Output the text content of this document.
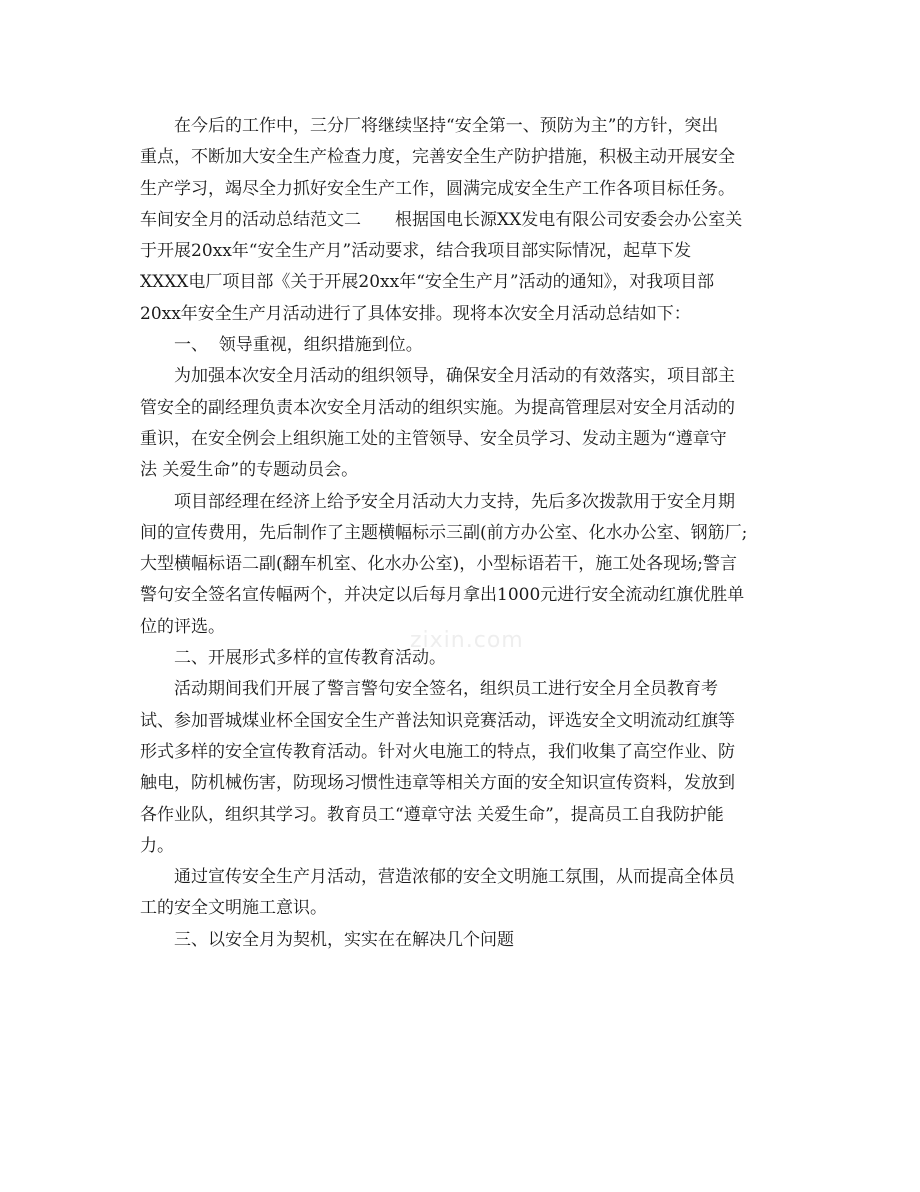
zixin.com
在今后的工作中，三分厂将继续坚持“安全第一、预防为主”的方针，突出
重点，不断加大安全生产检查力度，完善安全生产防护措施，积极主动开展安全
生产学习，竭尽全力抓好安全生产工作，圆满完成安全生产工作各项目标任务。
车间安全月的活动总结范文二　　根据国电长源XX发电有限公司安委会办公室关
于开展20xx年“安全生产月”活动要求，结合我项目部实际情况，起草下发
XXXX电厂项目部《关于开展20xx年“安全生产月”活动的通知》，对我项目部
20xx年安全生产月活动进行了具体安排。现将本次安全月活动总结如下：
一、  领导重视，组织措施到位。
为加强本次安全月活动的组织领导，确保安全月活动的有效落实，项目部主
管安全的副经理负责本次安全月活动的组织实施。为提高管理层对安全月活动的
重识，在安全例会上组织施工处的主管领导、安全员学习、发动主题为“遵章守
法 关爱生命”的专题动员会。
项目部经理在经济上给予安全月活动大力支持，先后多次拨款用于安全月期
间的宣传费用，先后制作了主题横幅标示三副(前方办公室、化水办公室、钢筋厂;
大型横幅标语二副(翻车机室、化水办公室)，小型标语若干，施工处各现场;警言
警句安全签名宣传幅两个，并决定以后每月拿出1000元进行安全流动红旗优胜单
位的评选。
二、开展形式多样的宣传教育活动。
活动期间我们开展了警言警句安全签名，组织员工进行安全月全员教育考
试、参加晋城煤业杯全国安全生产普法知识竞赛活动，评选安全文明流动红旗等
形式多样的安全宣传教育活动。针对火电施工的特点，我们收集了高空作业、防
触电，防机械伤害，防现场习惯性违章等相关方面的安全知识宣传资料，发放到
各作业队，组织其学习。教育员工“遵章守法 关爱生命”，提高员工自我防护能
力。
通过宣传安全生产月活动，营造浓郁的安全文明施工氛围，从而提高全体员
工的安全文明施工意识。
三、以安全月为契机，实实在在解决几个问题
